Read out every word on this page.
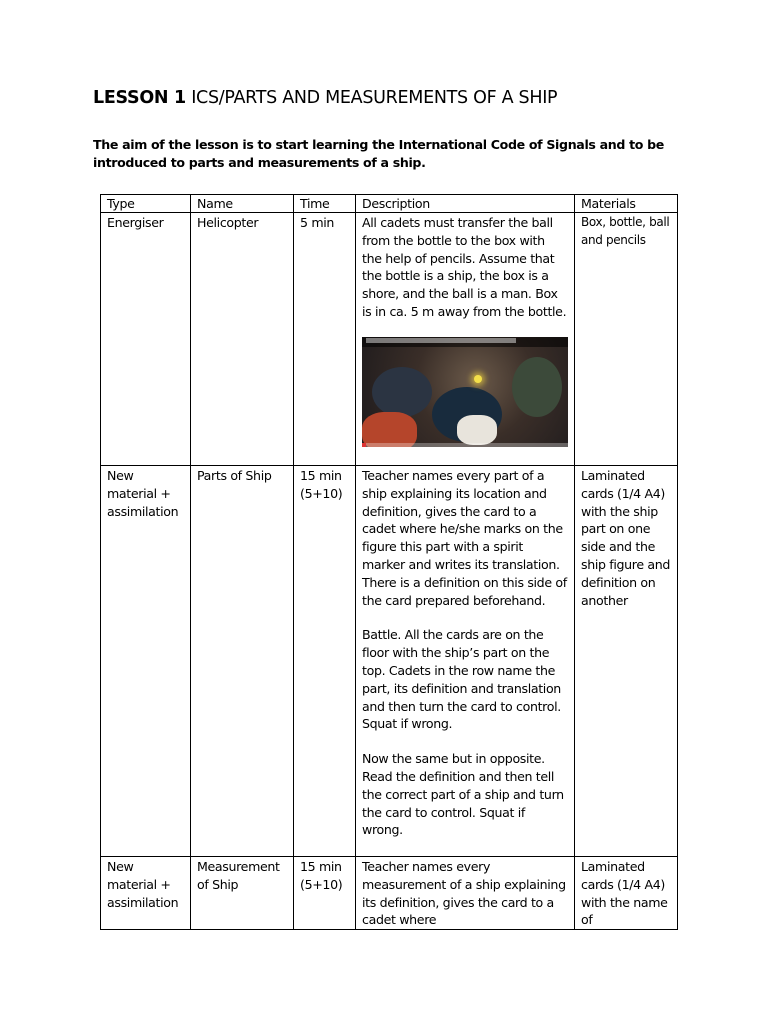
LESSON 1 ICS/PARTS AND MEASUREMENTS OF A SHIP
The aim of the lesson is to start learning the International Code of Signals and to be introduced to parts and measurements of a ship.
Type	Name	Time	Description	Materials
Energiser	Helicopter	5 min	All cadets must transfer the ball from the bottle to the box with the help of pencils. Assume that the bottle is a ship, the box is a shore, and the ball is a man. Box is in ca. 5 m away from the bottle.	Box, bottle, ball and pencils
New material + assimilation	Parts of Ship	15 min (5+10)	Teacher names every part of a ship explaining its location and definition, gives the card to a cadet where he/she marks on the figure this part with a spirit marker and writes its translation. There is a definition on this side of the card prepared beforehand.

Battle. All the cards are on the floor with the ship’s part on the top. Cadets in the row name the part, its definition and translation and then turn the card to control. Squat if wrong.

Now the same but in opposite. Read the definition and then tell the correct part of a ship and turn the card to control. Squat if wrong.	Laminated cards (1/4 A4) with the ship part on one side and the ship figure and definition on another
New material + assimilation	Measurement of Ship	15 min (5+10)	Teacher names every measurement of a ship explaining its definition, gives the card to a cadet where	Laminated cards (1/4 A4) with the name of
